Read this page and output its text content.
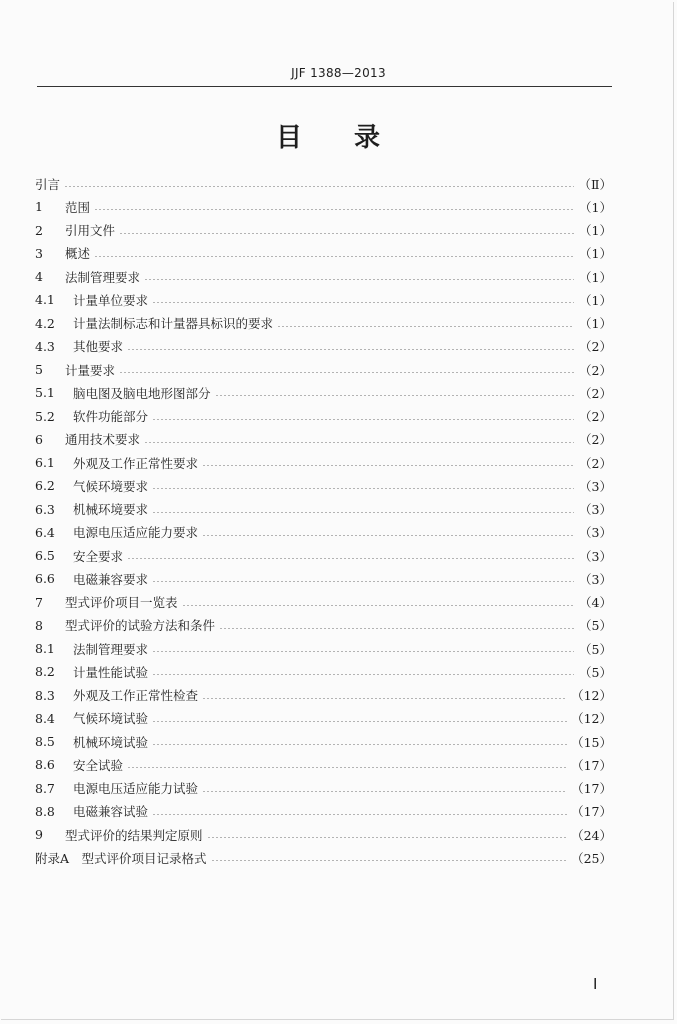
JJF 1388—2013
目 录
引言	（Ⅱ）
1	范围	（1）
2	引用文件	（1）
3	概述	（1）
4	法制管理要求	（1）
4.1	计量单位要求	（1）
4.2	计量法制标志和计量器具标识的要求	（1）
4.3	其他要求	（2）
5	计量要求	（2）
5.1	脑电图及脑电地形图部分	（2）
5.2	软件功能部分	（2）
6	通用技术要求	（2）
6.1	外观及工作正常性要求	（2）
6.2	气候环境要求	（3）
6.3	机械环境要求	（3）
6.4	电源电压适应能力要求	（3）
6.5	安全要求	（3）
6.6	电磁兼容要求	（3）
7	型式评价项目一览表	（4）
8	型式评价的试验方法和条件	（5）
8.1	法制管理要求	（5）
8.2	计量性能试验	（5）
8.3	外观及工作正常性检查	（12）
8.4	气候环境试验	（12）
8.5	机械环境试验	（15）
8.6	安全试验	（17）
8.7	电源电压适应能力试验	（17）
8.8	电磁兼容试验	（17）
9	型式评价的结果判定原则	（24）
附录A　型式评价项目记录格式	（25）
Ⅰ
